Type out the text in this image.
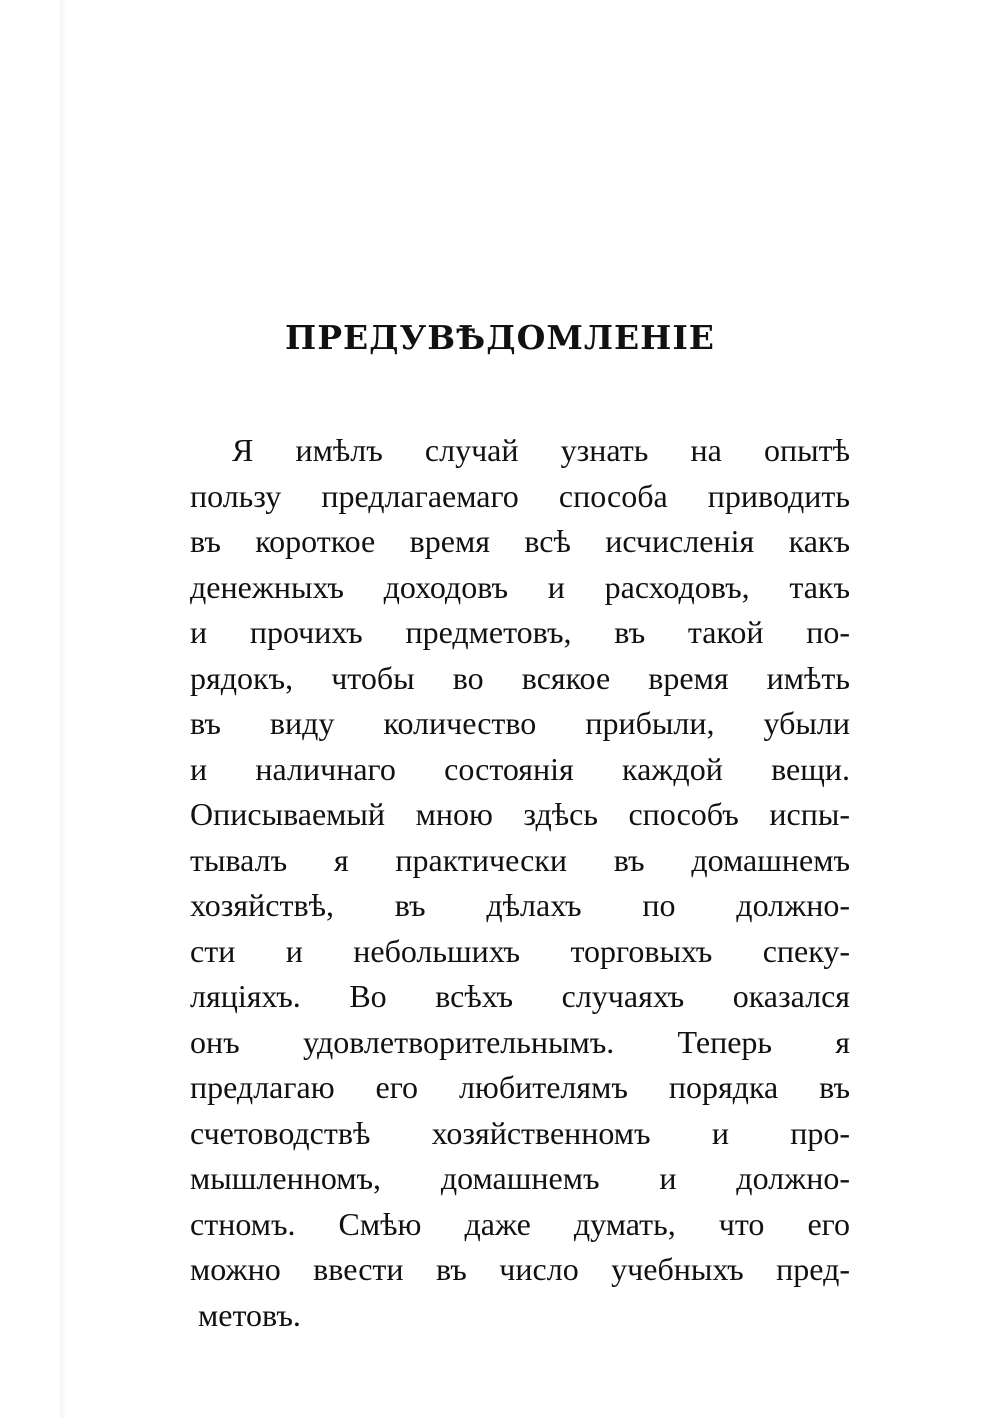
ПРЕДУВѢДОМЛЕНІЕ
Я имѣлъ случай узнать на опытѣ
пользу предлагаемаго способа приводить
въ короткое время всѣ исчисленія какъ
денежныхъ доходовъ и расходовъ, такъ
и прочихъ предметовъ, въ такой по-
рядокъ, чтобы во всякое время имѣть
въ виду количество прибыли, убыли
и наличнаго состоянія каждой вещи.
Описываемый мною здѣсь способъ испы-
тывалъ я практически въ домашнемъ
хозяйствѣ, въ дѣлахъ по должно-
сти и небольшихъ торговыхъ спеку-
ляціяхъ. Во всѣхъ случаяхъ оказался
онъ удовлетворительнымъ. Теперь я
предлагаю его любителямъ порядка въ
счетоводствѣ хозяйственномъ и про-
мышленномъ, домашнемъ и должно-
стномъ. Смѣю даже думать, что его
можно ввести въ число учебныхъ пред-
метовъ.
